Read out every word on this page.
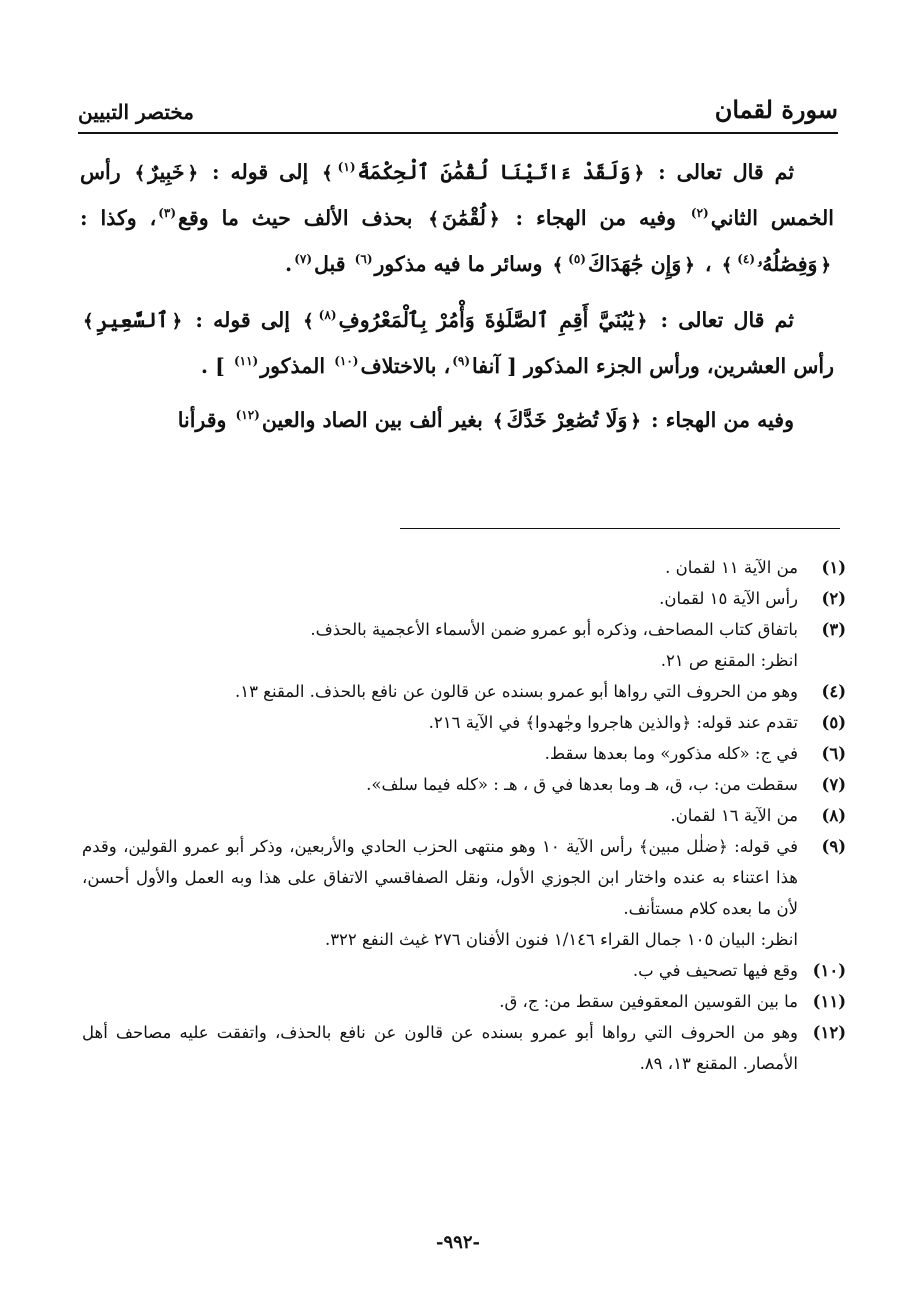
سورة لقمان
مختصر التبيين

ثم قال تعالى : ﴿وَلَقَدْ ءَاتَيْنَا لُقْمَٰنَ ٱلْحِكْمَةَ$^{(١)}$﴾ إلى قوله : ﴿خَبِيرٌ﴾ رأس الخمس الثاني$^{(٢)}$ وفيه من الهجاء : ﴿لُقْمَٰنَ﴾ بحذف الألف حيث ما وقع$^{(٣)}$، وكذا : ﴿وَفِصَٰلُهُۥ$^{(٤)}$﴾ ، ﴿وَإِن جَٰهَدَاكَ$^{(٥)}$﴾ وسائر ما فيه مذكور$^{(٦)}$ قبل$^{(٧)}$.

ثم قال تعالى : ﴿يَٰبُنَيَّ أَقِمِ ٱلصَّلَوٰةَ وَأْمُرْ بِٱلْمَعْرُوفِ$^{(٨)}$﴾ إلى قوله : ﴿ٱلسَّعِيرِ﴾ رأس العشرين، ورأس الجزء المذكور [ آنفا$^{(٩)}$، بالاختلاف$^{(١٠)}$ المذكور$^{(١١)}$ ] .

وفيه من الهجاء : ﴿وَلَا تُصَٰعِرْ خَدَّكَ﴾ بغير ألف بين الصاد والعين$^{(١٢)}$ وقرأنا

(١)
من الآية ١١ لقمان .
(٢)
رأس الآية ١٥ لقمان.
(٣)
باتفاق كتاب المصاحف، وذكره أبو عمرو ضمن الأسماء الأعجمية بالحذف.
انظر: المقنع ص ٢١.
(٤)
وهو من الحروف التي رواها أبو عمرو بسنده عن قالون عن نافع بالحذف. المقنع ١٣.
(٥)
تقدم عند قوله: ﴿والذين هاجروا وجٰهدوا﴾ في الآية ٢١٦.
(٦)
في ج: «كله مذكور» وما بعدها سقط.
(٧)
سقطت من: ب، ق، هـ وما بعدها في ق ، هـ : «كله فيما سلف».
(٨)
من الآية ١٦ لقمان.
(٩)
في قوله: ﴿ضلٰل مبين﴾ رأس الآية ١٠ وهو منتهى الحزب الحادي والأربعين، وذكر أبو عمرو القولين، وقدم هذا اعتناء به عنده واختار ابن الجوزي الأول، ونقل الصفاقسي الاتفاق على هذا وبه العمل والأول أحسن، لأن ما بعده كلام مستأنف.
انظر: البيان ١٠٥ جمال القراء ١/١٤٦ فنون الأفنان ٢٧٦ غيث النفع ٣٢٢.
(١٠)
وقع فيها تصحيف في ب.
(١١)
ما بين القوسين المعقوفين سقط من: ج، ق.
(١٢)
وهو من الحروف التي رواها أبو عمرو بسنده عن قالون عن نافع بالحذف، واتفقت عليه مصاحف أهل الأمصار. المقنع ١٣، ٨٩.
-٩٩٢-
